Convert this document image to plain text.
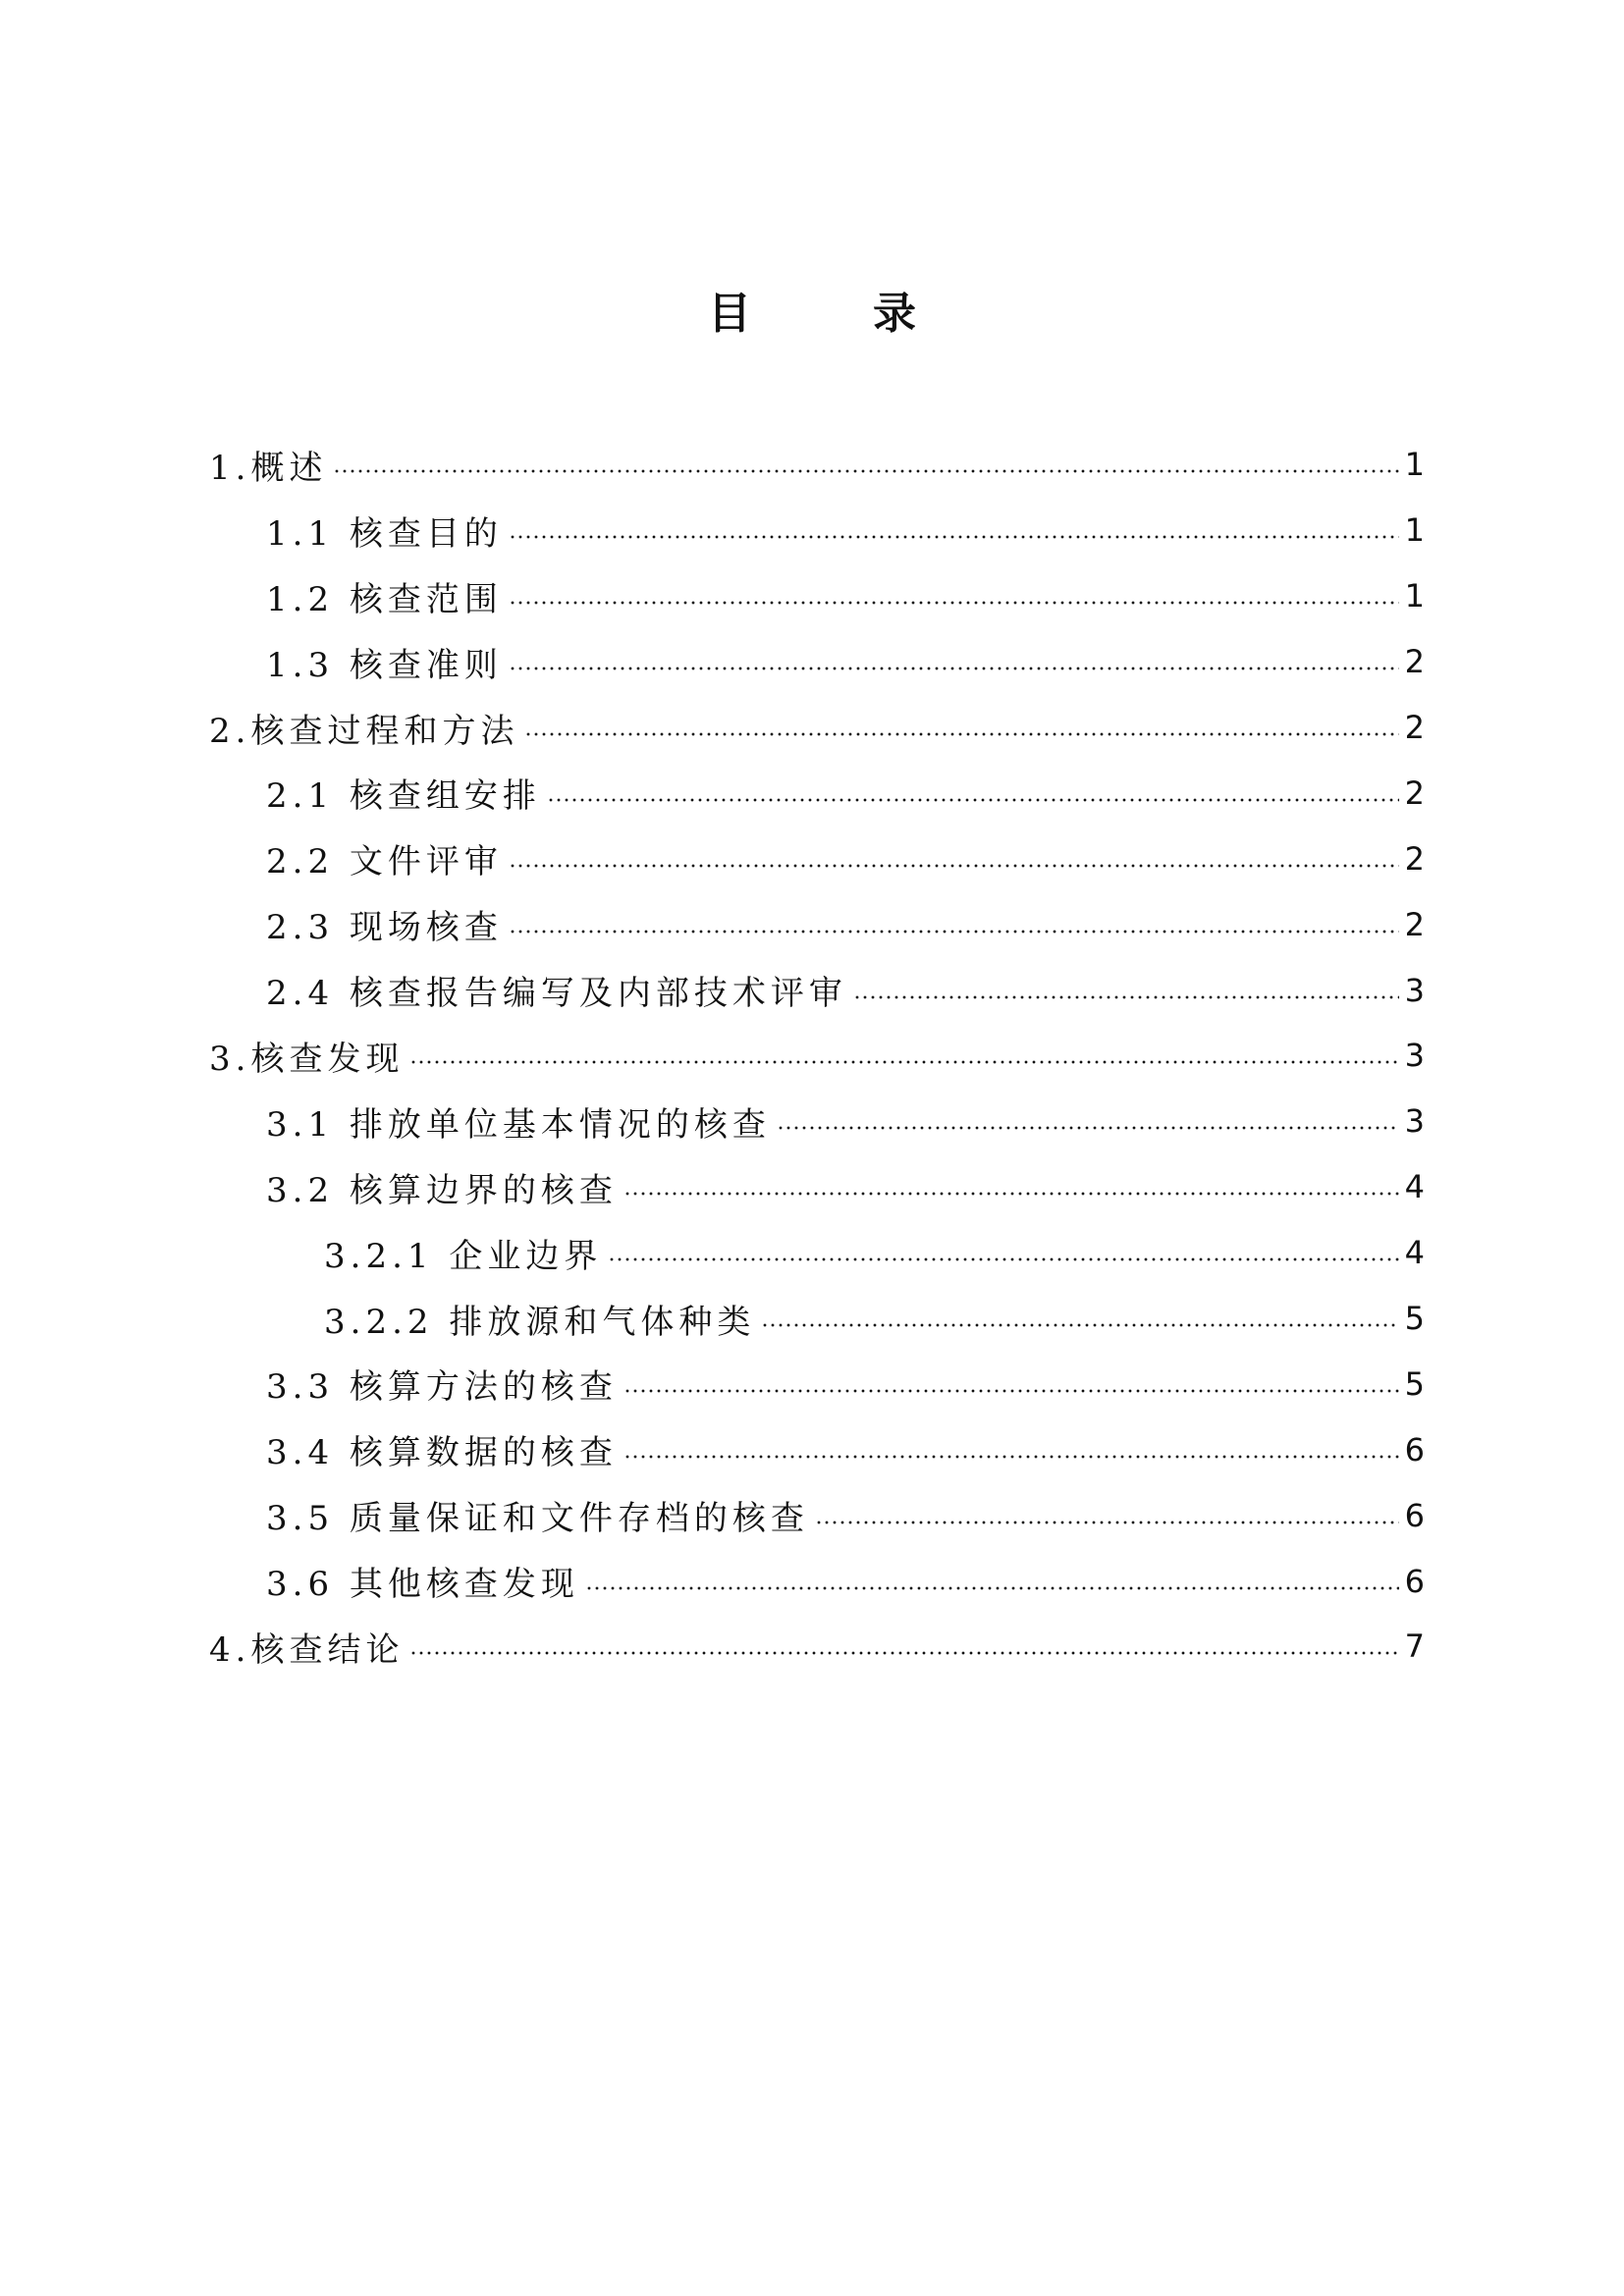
目　录
1.概述	1
1.1 核查目的	1
1.2 核查范围	1
1.3 核查准则	2
2.核查过程和方法	2
2.1 核查组安排	2
2.2 文件评审	2
2.3 现场核查	2
2.4 核查报告编写及内部技术评审	3
3.核查发现	3
3.1 排放单位基本情况的核查	3
3.2 核算边界的核查	4
3.2.1 企业边界	4
3.2.2 排放源和气体种类	5
3.3 核算方法的核查	5
3.4 核算数据的核查	6
3.5 质量保证和文件存档的核查	6
3.6 其他核查发现	6
4.核查结论	7
